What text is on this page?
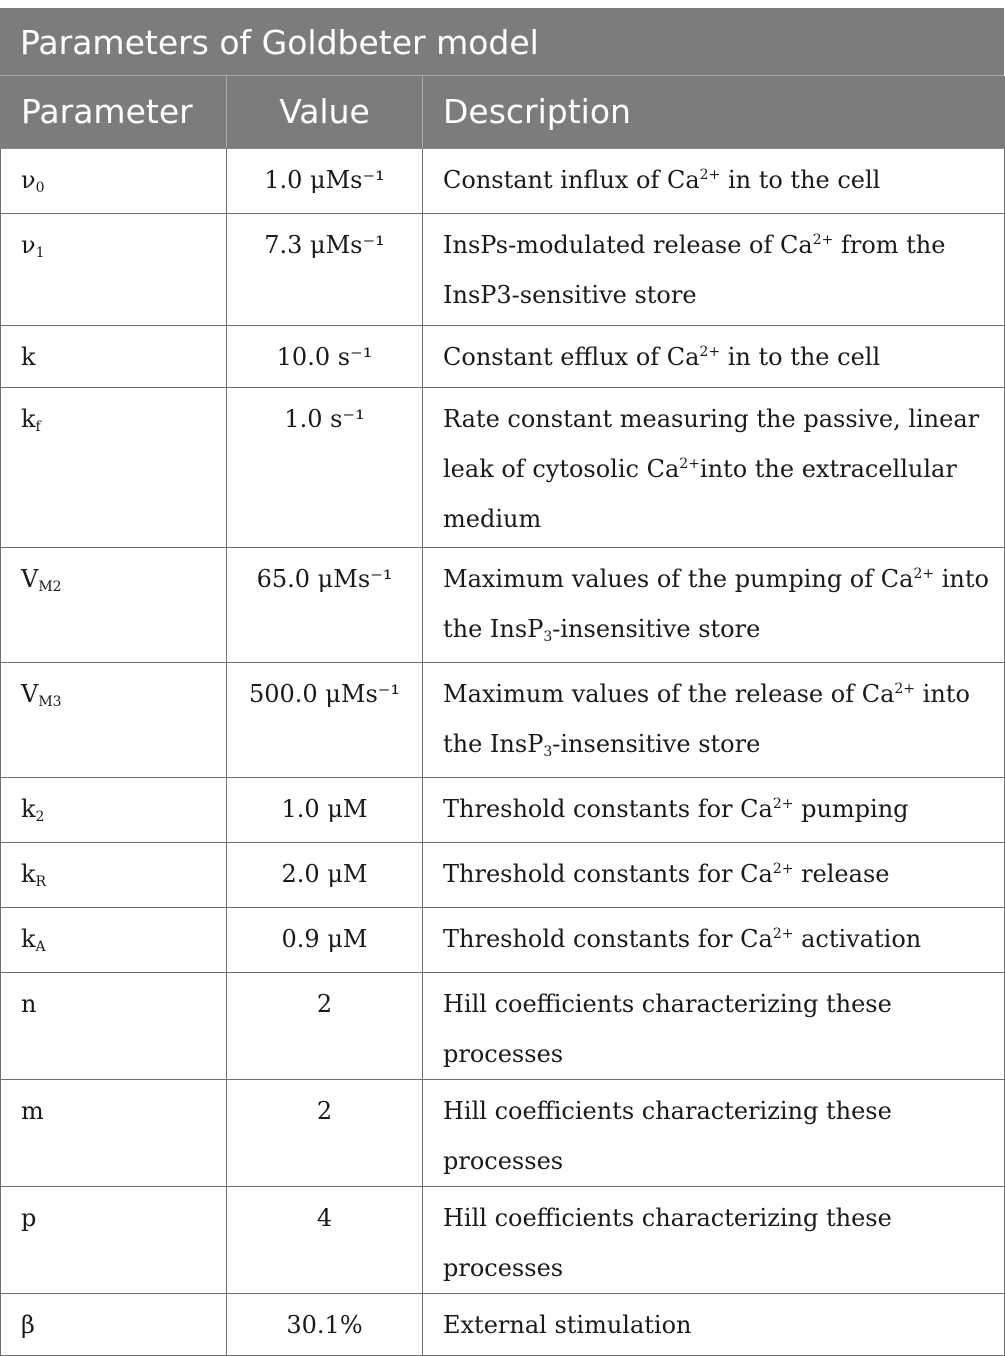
Parameters of Goldbeter model
Parameter	Value	Description
$\nu_0$	1.0 μMs⁻¹	Constant influx of $Ca^{2+}$ in to the cell

$\nu_1$	7.3 μMs⁻¹	InsPs-modulated release of $Ca^{2+}$ from the
InsP3-sensitive store

k	10.0 s⁻¹	Constant efflux of $Ca^{2+}$ in to the cell

$k_f$	1.0 s⁻¹	Rate constant measuring the passive, linear
leak of cytosolic $Ca^{2+}into$ the extracellular
medium

$V_{M2}$	65.0 μMs⁻¹	Maximum values of the pumping of $Ca^{2+}$ into
the InsP$_3$-insensitive store

$V_{M3}$	500.0 μMs⁻¹	Maximum values of the release of $Ca^{2+}$ into
the InsP$_3$-insensitive store

$k_2$	1.0 μM	Threshold constants for $Ca^{2+}$ pumping

$k_R$	2.0 μM	Threshold constants for $Ca^{2+}$ release

$k_A$	0.9 μM	Threshold constants for $Ca^{2+}$ activation

n	2	Hill coefficients characterizing these processes

m	2	Hill coefficients characterizing these processes

p	4	Hill coefficients characterizing these processes

β	30.1%	External stimulation
